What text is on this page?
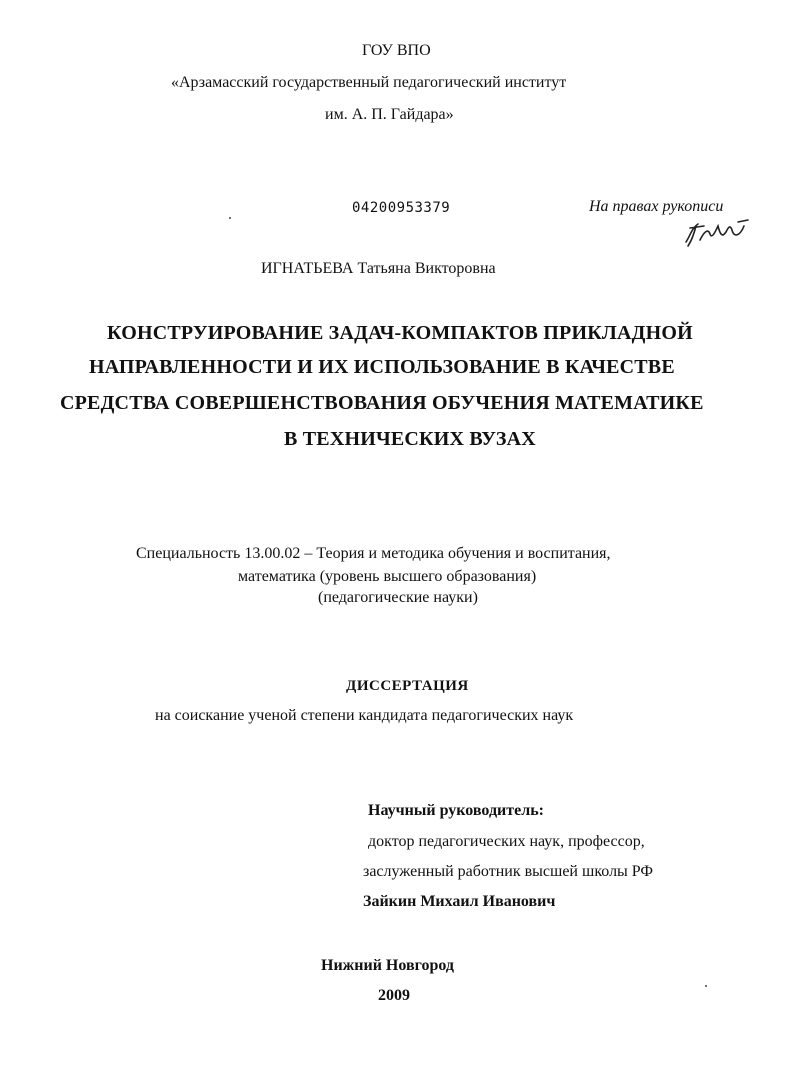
ГОУ ВПО
«Арзамасский государственный педагогический институт
им. А. П. Гайдара»
04200953379	На правах рукописи
ИГНАТЬЕВА Татьяна Викторовна
КОНСТРУИРОВАНИЕ ЗАДАЧ-КОМПАКТОВ ПРИКЛАДНОЙ
НАПРАВЛЕННОСТИ И ИХ ИСПОЛЬЗОВАНИЕ В КАЧЕСТВЕ
СРЕДСТВА СОВЕРШЕНСТВОВАНИЯ ОБУЧЕНИЯ МАТЕМАТИКЕ
В ТЕХНИЧЕСКИХ ВУЗАХ
Специальность 13.00.02 – Теория и методика обучения и воспитания,
математика (уровень высшего образования)
(педагогические науки)
ДИССЕРТАЦИЯ
на соискание ученой степени кандидата педагогических наук
Научный руководитель:
доктор педагогических наук, профессор,
заслуженный работник высшей школы РФ
Зайкин Михаил Иванович
Нижний Новгород
2009
